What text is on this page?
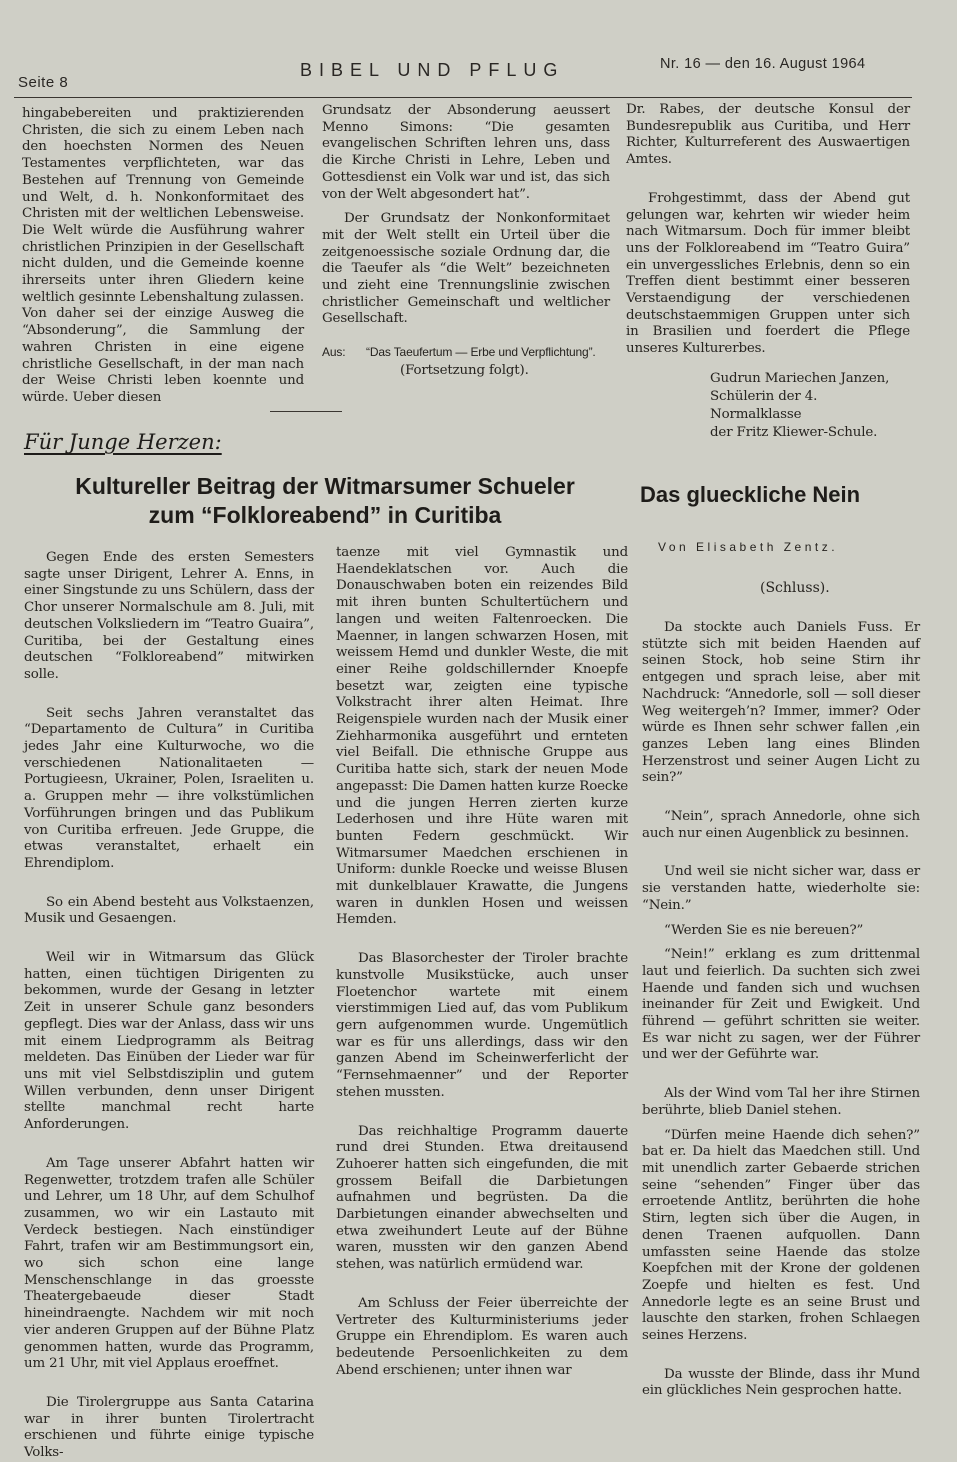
Seite 8
BIBEL UND PFLUG	Nr. 16 — den 16. August 1964

hingabebereiten und praktizierenden Christen, die sich zu einem Leben nach den hoechsten Normen des Neuen Testamentes verpflichteten, war das Bestehen auf Trennung von Gemeinde und Welt, d. h. Nonkonformitaet des Christen mit der weltlichen Lebensweise. Die Welt würde die Ausführung wahrer christlichen Prinzipien in der Gesellschaft nicht dulden, und die Gemeinde koenne ihrerseits unter ihren Gliedern keine weltlich gesinnte Lebenshaltung zulassen. Von daher sei der einzige Ausweg die “Absonderung”, die Sammlung der wahren Christen in eine eigene christliche Gesellschaft, in der man nach der Weise Christi leben koennte und würde. Ueber diesen

Grundsatz der Absonderung aeussert Menno Simons: “Die gesamten evangelischen Schriften lehren uns, dass die Kirche Christi in Lehre, Leben und Gottesdienst ein Volk war und ist, das sich von der Welt abgesondert hat”.

Der Grundsatz der Nonkonformitaet mit der Welt stellt ein Urteil über die zeitgenoessische soziale Ordnung dar, die die Taeufer als “die Welt” bezeichneten und zieht eine Trennungslinie zwischen christlicher Gemeinschaft und weltlicher Gesellschaft.

Aus:	“Das Taeufertum — Erbe und Verpflichtung”.
(Fortsetzung folgt).

Dr. Rabes, der deutsche Konsul der Bundesrepublik aus Curitiba, und Herr Richter, Kulturreferent des Auswaertigen Amtes.

Frohgestimmt, dass der Abend gut gelungen war, kehrten wir wieder heim nach Witmarsum. Doch für immer bleibt uns der Folkloreabend im “Teatro Guira” ein unvergessliches Erlebnis, denn so ein Treffen dient bestimmt einer besseren Verstaendigung der verschiedenen deutschstaemmigen Gruppen unter sich in Brasilien und foerdert die Pflege unseres Kulturerbes.

Gudrun Mariechen Janzen,
Schülerin der 4. Normalklasse
der Fritz Kliewer-Schule.
Für Junge Herzen:
Kultureller Beitrag der Witmarsumer Schueler
zum “Folkloreabend” in Curitiba

Gegen Ende des ersten Semesters sagte unser Dirigent, Lehrer A. Enns, in einer Singstunde zu uns Schülern, dass der Chor unserer Normalschule am 8. Juli, mit deutschen Volksliedern im “Teatro Guaira”, Curitiba, bei der Gestaltung eines deutschen “Folkloreabend” mitwirken solle.

Seit sechs Jahren veranstaltet das “Departamento de Cultura” in Curitiba jedes Jahr eine Kulturwoche, wo die verschiedenen Nationalitaeten — Portugieesn, Ukrainer, Polen, Israeliten u. a. Gruppen mehr — ihre volkstümlichen Vorführungen bringen und das Publikum von Curitiba erfreuen. Jede Gruppe, die etwas veranstaltet, erhaelt ein Ehrendiplom.

So ein Abend besteht aus Volkstaenzen, Musik und Gesaengen.

Weil wir in Witmarsum das Glück hatten, einen tüchtigen Dirigenten zu bekommen, wurde der Gesang in letzter Zeit in unserer Schule ganz besonders gepflegt. Dies war der Anlass, dass wir uns mit einem Liedprogramm als Beitrag meldeten. Das Einüben der Lieder war für uns mit viel Selbstdisziplin und gutem Willen verbunden, denn unser Dirigent stellte manchmal recht harte Anforderungen.

Am Tage unserer Abfahrt hatten wir Regenwetter, trotzdem trafen alle Schüler und Lehrer, um 18 Uhr, auf dem Schulhof zusammen, wo wir ein Lastauto mit Verdeck bestiegen. Nach einstündiger Fahrt, trafen wir am Bestimmungsort ein, wo sich schon eine lange Menschenschlange in das groesste Theatergebaeude dieser Stadt hineindraengte. Nachdem wir mit noch vier anderen Gruppen auf der Bühne Platz genommen hatten, wurde das Programm, um 21 Uhr, mit viel Applaus eroeffnet.

Die Tirolergruppe aus Santa Catarina war in ihrer bunten Tirolertracht erschienen und führte einige typische Volks-

taenze mit viel Gymnastik und Haendeklatschen vor. Auch die Donauschwaben boten ein reizendes Bild mit ihren bunten Schultertüchern und langen und weiten Faltenroecken. Die Maenner, in langen schwarzen Hosen, mit weissem Hemd und dunkler Weste, die mit einer Reihe goldschillernder Knoepfe besetzt war, zeigten eine typische Volkstracht ihrer alten Heimat. Ihre Reigenspiele wurden nach der Musik einer Ziehharmonika ausgeführt und ernteten viel Beifall. Die ethnische Gruppe aus Curitiba hatte sich, stark der neuen Mode angepasst: Die Damen hatten kurze Roecke und die jungen Herren zierten kurze Lederhosen und ihre Hüte waren mit bunten Federn geschmückt. Wir Witmarsumer Maedchen erschienen in Uniform: dunkle Roecke und weisse Blusen mit dunkelblauer Krawatte, die Jungens waren in dunklen Hosen und weissen Hemden.

Das Blasorchester der Tiroler brachte kunstvolle Musikstücke, auch unser Floetenchor wartete mit einem vierstimmigen Lied auf, das vom Publikum gern aufgenommen wurde. Ungemütlich war es für uns allerdings, dass wir den ganzen Abend im Scheinwerferlicht der “Fernsehmaenner” und der Reporter stehen mussten.

Das reichhaltige Programm dauerte rund drei Stunden. Etwa dreitausend Zuhoerer hatten sich eingefunden, die mit grossem Beifall die Darbietungen aufnahmen und begrüsten. Da die Darbietungen einander abwechselten und etwa zweihundert Leute auf der Bühne waren, mussten wir den ganzen Abend stehen, was natürlich ermüdend war.

Am Schluss der Feier überreichte der Vertreter des Kulturministeriums jeder Gruppe ein Ehrendiplom. Es waren auch bedeutende Persoenlichkeiten zu dem Abend erschienen; unter ihnen war

Das glueckliche Nein
Von Elisabeth Zentz.
(Schluss).

Da stockte auch Daniels Fuss. Er stützte sich mit beiden Haenden auf seinen Stock, hob seine Stirn ihr entgegen und sprach leise, aber mit Nachdruck: “Annedorle, soll — soll dieser Weg weitergeh’n? Immer, immer? Oder würde es Ihnen sehr schwer fallen ,ein ganzes Leben lang eines Blinden Herzenstrost und seiner Augen Licht zu sein?”

“Nein”, sprach Annedorle, ohne sich auch nur einen Augenblick zu besinnen.

Und weil sie nicht sicher war, dass er sie verstanden hatte, wiederholte sie: “Nein.”

“Werden Sie es nie bereuen?”

“Nein!” erklang es zum drittenmal laut und feierlich. Da suchten sich zwei Haende und fanden sich und wuchsen ineinander für Zeit und Ewigkeit. Und führend — geführt schritten sie weiter. Es war nicht zu sagen, wer der Führer und wer der Geführte war.

Als der Wind vom Tal her ihre Stirnen berührte, blieb Daniel stehen.

“Dürfen meine Haende dich sehen?” bat er. Da hielt das Maedchen still. Und mit unendlich zarter Gebaerde strichen seine “sehenden” Finger über das erroetende Antlitz, berührten die hohe Stirn, legten sich über die Augen, in denen Traenen aufquollen. Dann umfassten seine Haende das stolze Koepfchen mit der Krone der goldenen Zoepfe und hielten es fest. Und Annedorle legte es an seine Brust und lauschte den starken, frohen Schlaegen seines Herzens.

Da wusste der Blinde, dass ihr Mund ein glückliches Nein gesprochen hatte.
